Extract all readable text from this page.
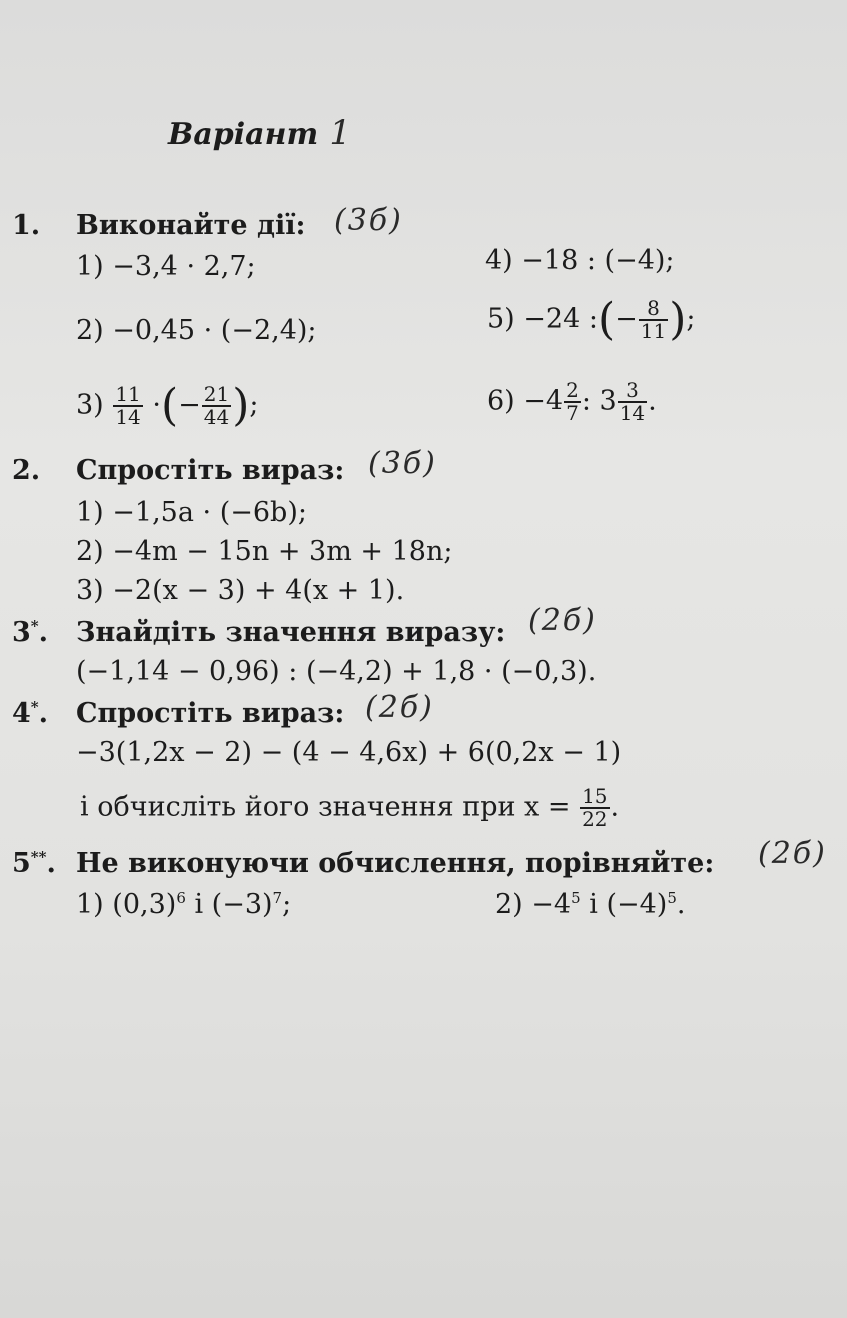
Варіант 1
1. Виконайте дії: (3б)
1) −3,4 · 2,7;
2) −0,45 · (−2,4);
$3) \frac{11}{14}$ ·(− $\frac{21}{44}$ );
4) −18 : (−4);
5) −24 :(− $\frac{8}{11}$ );
$6) -4 \frac{2}{7}$ : $3 \frac{3}{14}$ .
2. Спростіть вираз: (3б)
1) −1,5a · (−6b);
2) −4m − 15n + 3m + 18n;
3) −2(x − 3) + 4(x + 1).
3*. Знайдіть значення виразу: (2б)
(−1,14 − 0,96) : (−4,2) + 1,8 · (−0,3).
4*. Спростіть вираз: (2б)
−3(1,2x − 2) − (4 − 4,6x) + 6(0,2x − 1)
і обчисліть його значення при $x = \frac{15}{22}$ .
5**. Не виконуючи обчислення, порівняйте: (2б)
1) $(0,3)^6$ і $(-3)^7$;	$2) -4^5$ і $(-4)^5$.
